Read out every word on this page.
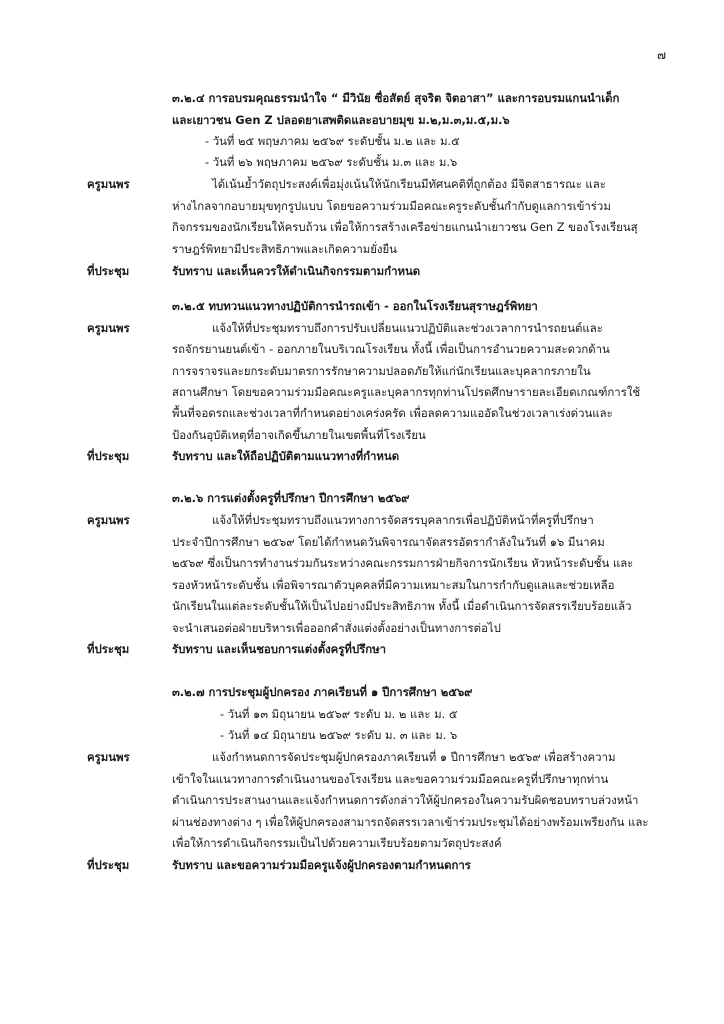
๗
๓.๒.๔ การอบรมคุณธรรมนำใจ “ มีวินัย ซื่อสัตย์ สุจริต จิตอาสา” และการอบรมแกนนำเด็ก
และเยาวชน Gen Z ปลอดยาเสพติดและอบายมุข ม.๒,ม.๓,ม.๕,ม.๖
- วันที่ ๒๕ พฤษภาคม ๒๕๖๙ ระดับชั้น ม.๒ และ ม.๕
- วันที่ ๒๖ พฤษภาคม ๒๕๖๙ ระดับชั้น ม.๓ และ ม.๖
ครูมนพร	ได้เน้นย้ำวัตถุประสงค์เพื่อมุ่งเน้นให้นักเรียนมีทัศนคติที่ถูกต้อง มีจิตสาธารณะ และ
ห่างไกลจากอบายมุขทุกรูปแบบ โดยขอความร่วมมือคณะครูระดับชั้นกำกับดูแลการเข้าร่วม
กิจกรรมของนักเรียนให้ครบถ้วน เพื่อให้การสร้างเครือข่ายแกนนำเยาวชน Gen Z ของโรงเรียนสุ
ราษฎร์พิทยามีประสิทธิภาพและเกิดความยั่งยืน
ที่ประชุม	รับทราบ และเห็นควรให้ดำเนินกิจกรรมตามกำหนด
๓.๒.๕ ทบทวนแนวทางปฏิบัติการนำรถเข้า - ออกในโรงเรียนสุราษฎร์พิทยา
ครูมนพร	แจ้งให้ที่ประชุมทราบถึงการปรับเปลี่ยนแนวปฏิบัติและช่วงเวลาการนำรถยนต์และ
รถจักรยานยนต์เข้า - ออกภายในบริเวณโรงเรียน ทั้งนี้ เพื่อเป็นการอำนวยความสะดวกด้าน
การจราจรและยกระดับมาตรการรักษาความปลอดภัยให้แก่นักเรียนและบุคลากรภายใน
สถานศึกษา โดยขอความร่วมมือคณะครูและบุคลากรทุกท่านโปรดศึกษารายละเอียดเกณฑ์การใช้
พื้นที่จอดรถและช่วงเวลาที่กำหนดอย่างเคร่งครัด เพื่อลดความแออัดในช่วงเวลาเร่งด่วนและ
ป้องกันอุบัติเหตุที่อาจเกิดขึ้นภายในเขตพื้นที่โรงเรียน
ที่ประชุม	รับทราบ และให้ถือปฏิบัติตามแนวทางที่กำหนด
๓.๒.๖ การแต่งตั้งครูที่ปรึกษา ปีการศึกษา ๒๕๖๙
ครูมนพร	แจ้งให้ที่ประชุมทราบถึงแนวทางการจัดสรรบุคลากรเพื่อปฏิบัติหน้าที่ครูที่ปรึกษา
ประจำปีการศึกษา ๒๕๖๙ โดยได้กำหนดวันพิจารณาจัดสรรอัตรากำลังในวันที่ ๑๖ มีนาคม
๒๕๖๙ ซึ่งเป็นการทำงานร่วมกันระหว่างคณะกรรมการฝ่ายกิจการนักเรียน หัวหน้าระดับชั้น และ
รองหัวหน้าระดับชั้น เพื่อพิจารณาตัวบุคคลที่มีความเหมาะสมในการกำกับดูแลและช่วยเหลือ
นักเรียนในแต่ละระดับชั้นให้เป็นไปอย่างมีประสิทธิภาพ ทั้งนี้ เมื่อดำเนินการจัดสรรเรียบร้อยแล้ว
จะนำเสนอต่อฝ่ายบริหารเพื่อออกคำสั่งแต่งตั้งอย่างเป็นทางการต่อไป
ที่ประชุม	รับทราบ และเห็นชอบการแต่งตั้งครูที่ปรึกษา
๓.๒.๗ การประชุมผู้ปกครอง ภาคเรียนที่ ๑ ปีการศึกษา ๒๕๖๙
- วันที่ ๑๓ มิถุนายน ๒๕๖๙ ระดับ ม. ๒ และ ม. ๕
- วันที่ ๑๔ มิถุนายน ๒๕๖๙ ระดับ ม. ๓ และ ม. ๖
ครูมนพร	แจ้งกำหนดการจัดประชุมผู้ปกครองภาคเรียนที่ ๑ ปีการศึกษา ๒๕๖๙ เพื่อสร้างความ
เข้าใจในแนวทางการดำเนินงานของโรงเรียน และขอความร่วมมือคณะครูที่ปรึกษาทุกท่าน
ดำเนินการประสานงานและแจ้งกำหนดการดังกล่าวให้ผู้ปกครองในความรับผิดชอบทราบล่วงหน้า
ผ่านช่องทางต่าง ๆ เพื่อให้ผู้ปกครองสามารถจัดสรรเวลาเข้าร่วมประชุมได้อย่างพร้อมเพรียงกัน และ
เพื่อให้การดำเนินกิจกรรมเป็นไปด้วยความเรียบร้อยตามวัตถุประสงค์
ที่ประชุม	รับทราบ และขอความร่วมมือครูแจ้งผู้ปกครองตามกำหนดการ
